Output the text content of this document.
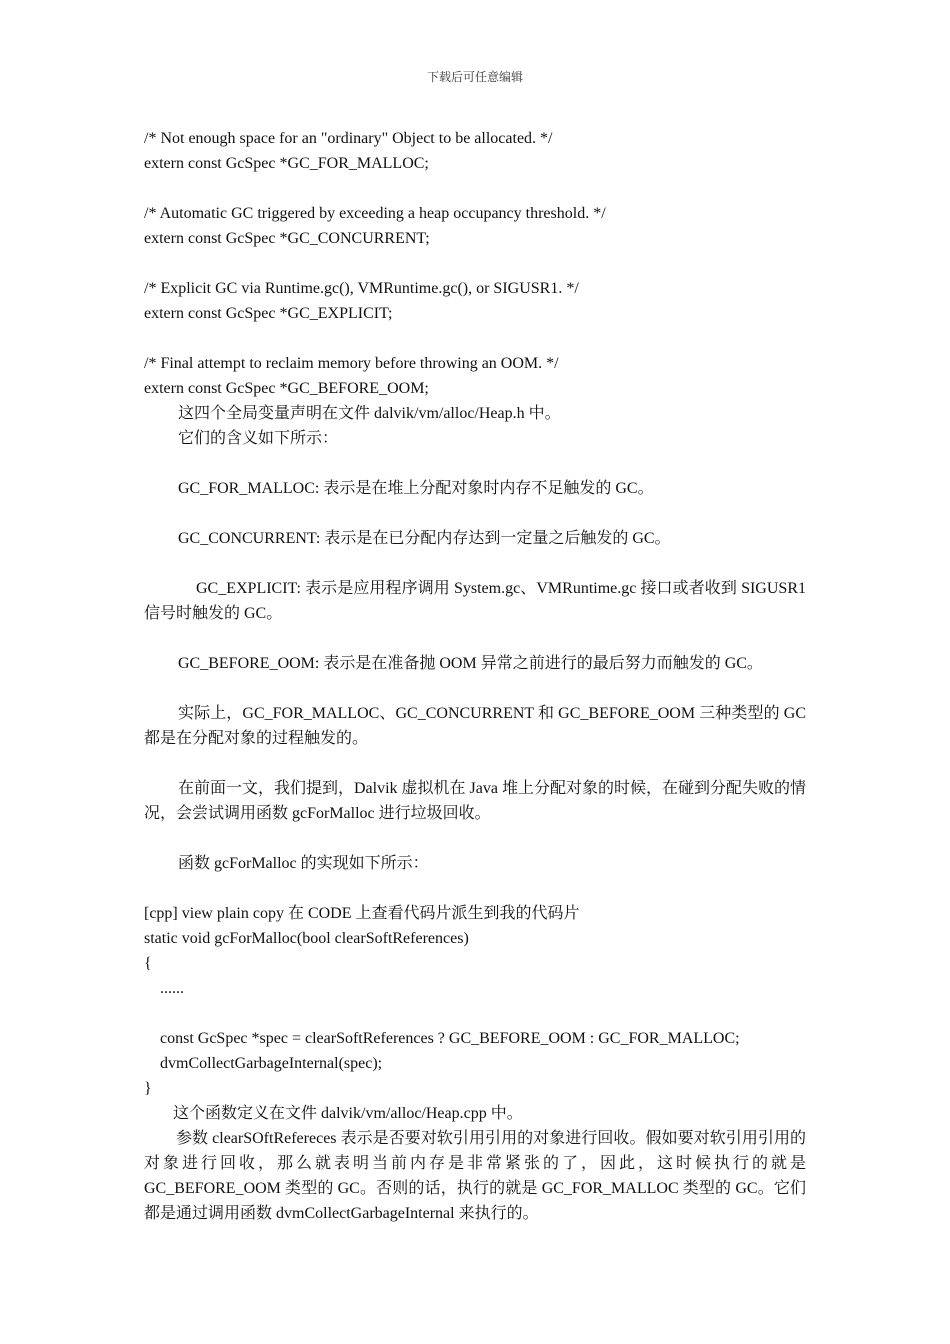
下载后可任意编辑
/* Not enough space for an "ordinary" Object to be allocated. */
extern const GcSpec *GC_FOR_MALLOC;
/* Automatic GC triggered by exceeding a heap occupancy threshold. */
extern const GcSpec *GC_CONCURRENT;
/* Explicit GC via Runtime.gc(), VMRuntime.gc(), or SIGUSR1. */
extern const GcSpec *GC_EXPLICIT;
/* Final attempt to reclaim memory before throwing an OOM. */
extern const GcSpec *GC_BEFORE_OOM;

这四个全局变量声明在文件 dalvik/vm/alloc/Heap.h 中。

它们的含义如下所示：

GC_FOR_MALLOC: 表示是在堆上分配对象时内存不足触发的 GC。

GC_CONCURRENT: 表示是在已分配内存达到一定量之后触发的 GC。

GC_EXPLICIT: 表示是应用程序调用 System.gc、VMRuntime.gc 接口或者收到 SIGUSR1 信号时触发的 GC。

GC_BEFORE_OOM: 表示是在准备抛 OOM 异常之前进行的最后努力而触发的 GC。

实际上，GC_FOR_MALLOC、GC_CONCURRENT 和 GC_BEFORE_OOM 三种类型的 GC 都是在分配对象的过程触发的。

在前面一文，我们提到，Dalvik 虚拟机在 Java 堆上分配对象的时候，在碰到分配失败的情况，会尝试调用函数 gcForMalloc 进行垃圾回收。

函数 gcForMalloc 的实现如下所示：

[cpp] view plain copy 在 CODE 上查看代码片派生到我的代码片
static void gcForMalloc(bool clearSoftReferences)
{
......
const GcSpec *spec = clearSoftReferences ? GC_BEFORE_OOM : GC_FOR_MALLOC;
dvmCollectGarbageInternal(spec);
}

这个函数定义在文件 dalvik/vm/alloc/Heap.cpp 中。

参数 clearSOftRefereces 表示是否要对软引用引用的对象进行回收。假如要对软引用引用的对象进行回收，那么就表明当前内存是非常紧张的了，因此，这时候执行的就是 GC_BEFORE_OOM 类型的 GC。否则的话，执行的就是 GC_FOR_MALLOC 类型的 GC。它们都是通过调用函数 dvmCollectGarbageInternal 来执行的。
